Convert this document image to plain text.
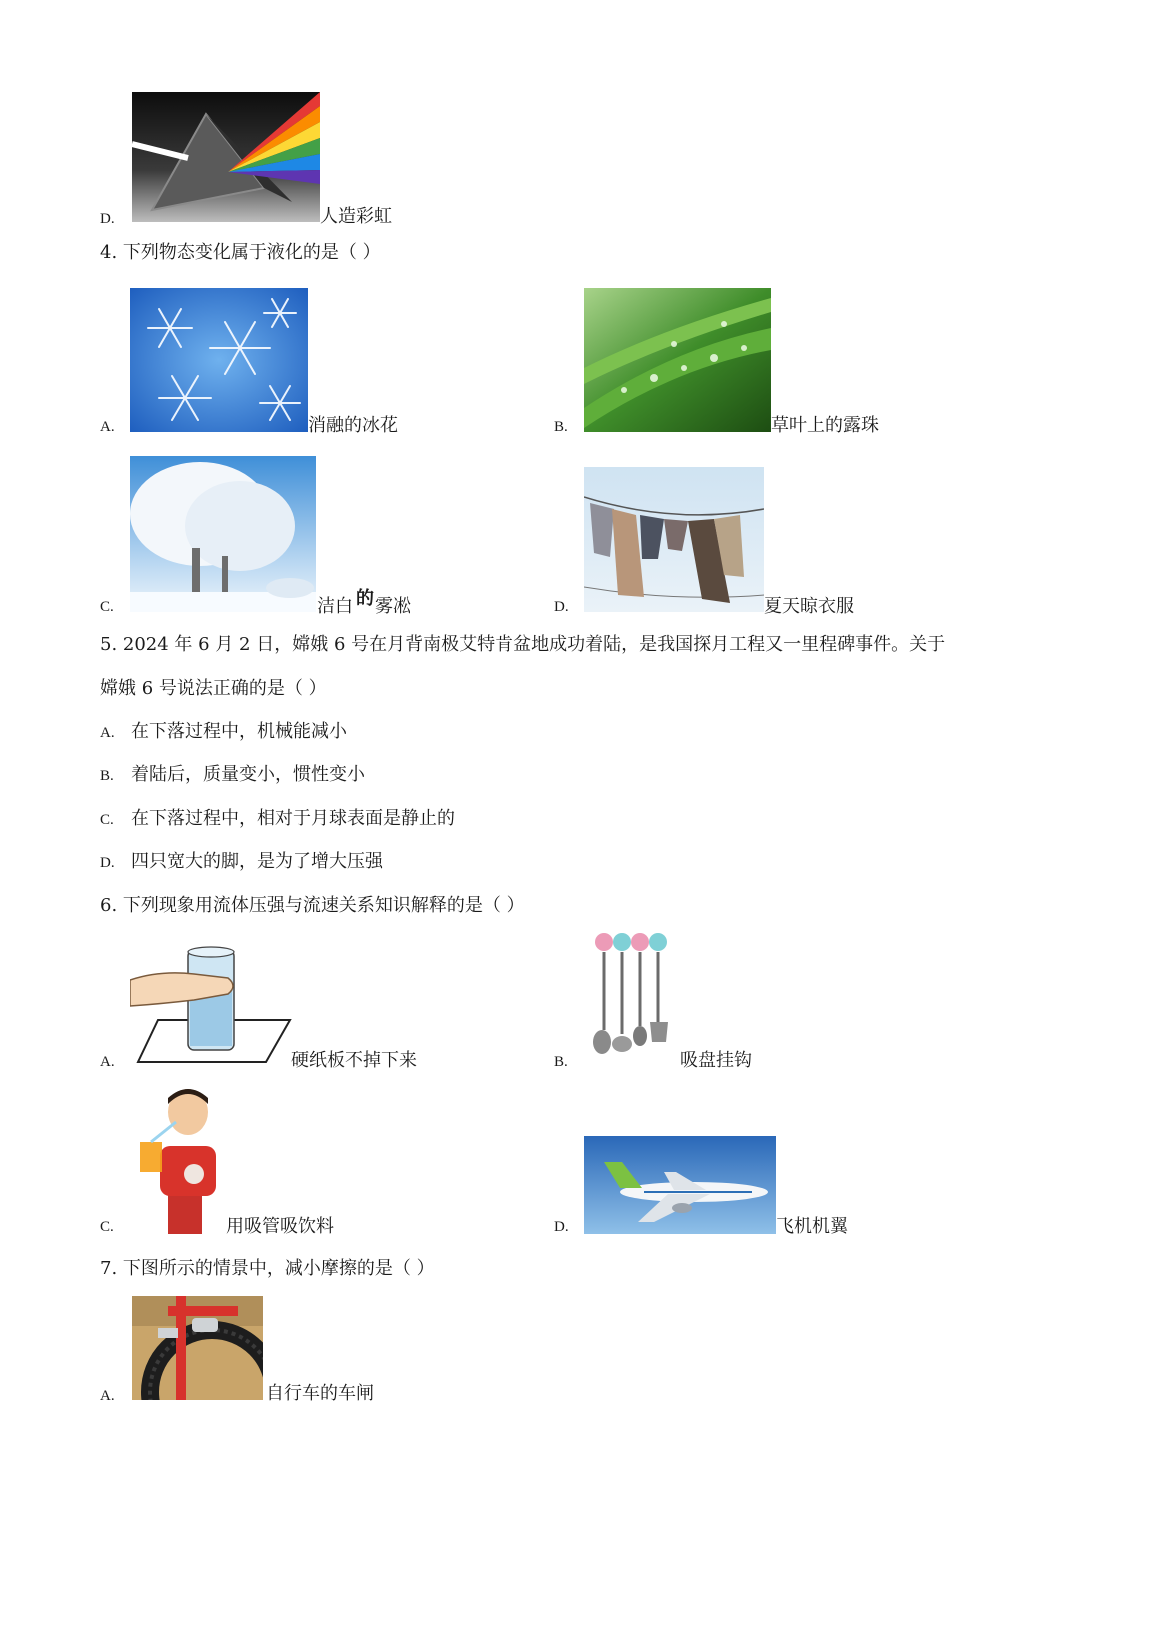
D.	人造彩虹
4. 下列物态变化属于液化的是（ ）
A.	消融的冰花	B.	草叶上的露珠
C.	洁白 的 雾凇	D.	夏天晾衣服
5. 2024 年 6 月 2 日，嫦娥 6 号在月背南极艾特肯盆地成功着陆，是我国探月工程又一里程碑事件。关于
嫦娥 6 号说法正确的是（ ）
A. 在下落过程中，机械能减小
B. 着陆后，质量变小，惯性变小
C. 在下落过程中，相对于月球表面是静止的
D. 四只宽大的脚，是为了增大压强
6. 下列现象用流体压强与流速关系知识解释的是（ ）
A.	硬纸板不掉下来	B.	吸盘挂钩
C.	用吸管吸饮料	D.	飞机机翼
7. 下图所示的情景中，减小摩擦的是（ ）
A.	自行车的车闸
